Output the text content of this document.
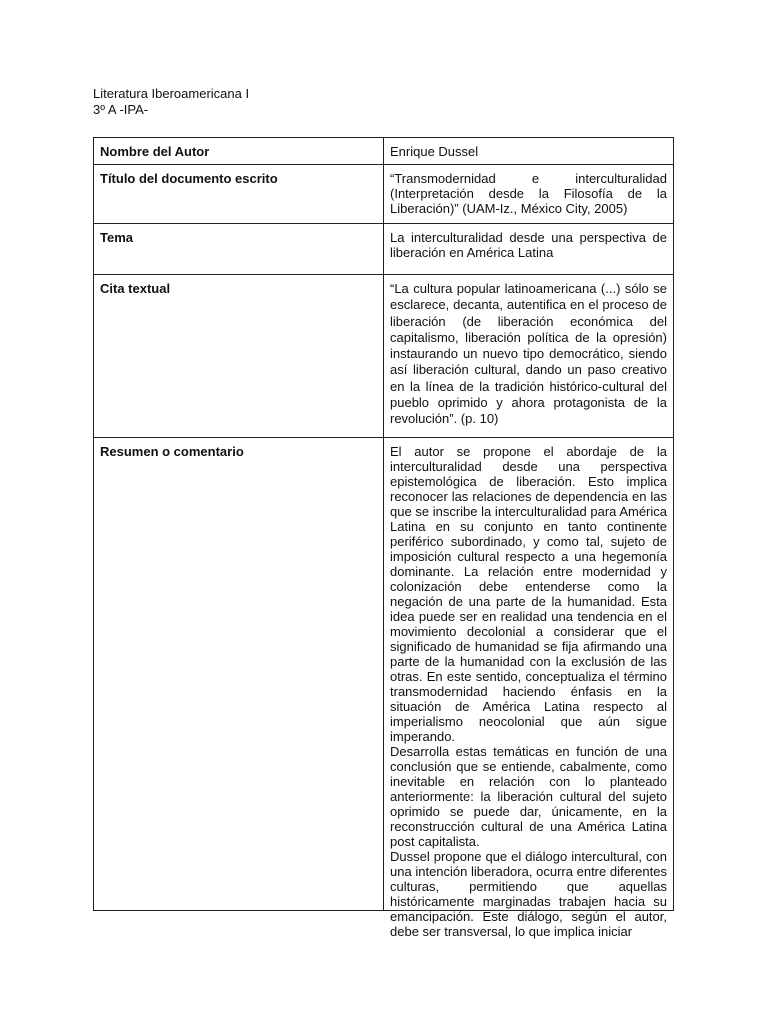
Literatura Iberoamericana I
3º A -IPA-
Nombre del Autor	Enrique Dussel

Título del documento escrito	“Transmodernidad e interculturalidad (Interpretación desde la Filosofía de la Liberación)” (UAM-Iz., México City, 2005)

Tema	La interculturalidad desde una perspectiva de liberación en América Latina

Cita textual	“La cultura popular latinoamericana (...) sólo se esclarece, decanta, autentifica en el proceso de liberación (de liberación económica del capitalismo, liberación política de la opresión) instaurando un nuevo tipo democrático, siendo así liberación cultural, dando un paso creativo en la línea de la tradición histórico-cultural del pueblo oprimido y ahora protagonista de la revolución”. (p. 10)

Resumen o comentario	El autor se propone el abordaje de la interculturalidad desde una perspectiva epistemológica de liberación. Esto implica reconocer las relaciones de dependencia en las que se inscribe la interculturalidad para América Latina en su conjunto en tanto continente periférico subordinado, y como tal, sujeto de imposición cultural respecto a una hegemonía dominante. La relación entre modernidad y colonización debe entenderse como la negación de una parte de la humanidad. Esta idea puede ser en realidad una tendencia en el movimiento decolonial a considerar que el significado de humanidad se fija afirmando una parte de la humanidad con la exclusión de las otras. En este sentido, conceptualiza el término transmodernidad haciendo énfasis en la situación de América Latina respecto al imperialismo neocolonial que aún sigue imperando.

Desarrolla estas temáticas en función de una conclusión que se entiende, cabalmente, como inevitable en relación con lo planteado anteriormente: la liberación cultural del sujeto oprimido se puede dar, únicamente, en la reconstrucción cultural de una América Latina post capitalista.

Dussel propone que el diálogo intercultural, con una intención liberadora, ocurra entre diferentes culturas, permitiendo que aquellas históricamente marginadas trabajen hacia su emancipación. Este diálogo, según el autor, debe ser transversal, lo que implica iniciar
